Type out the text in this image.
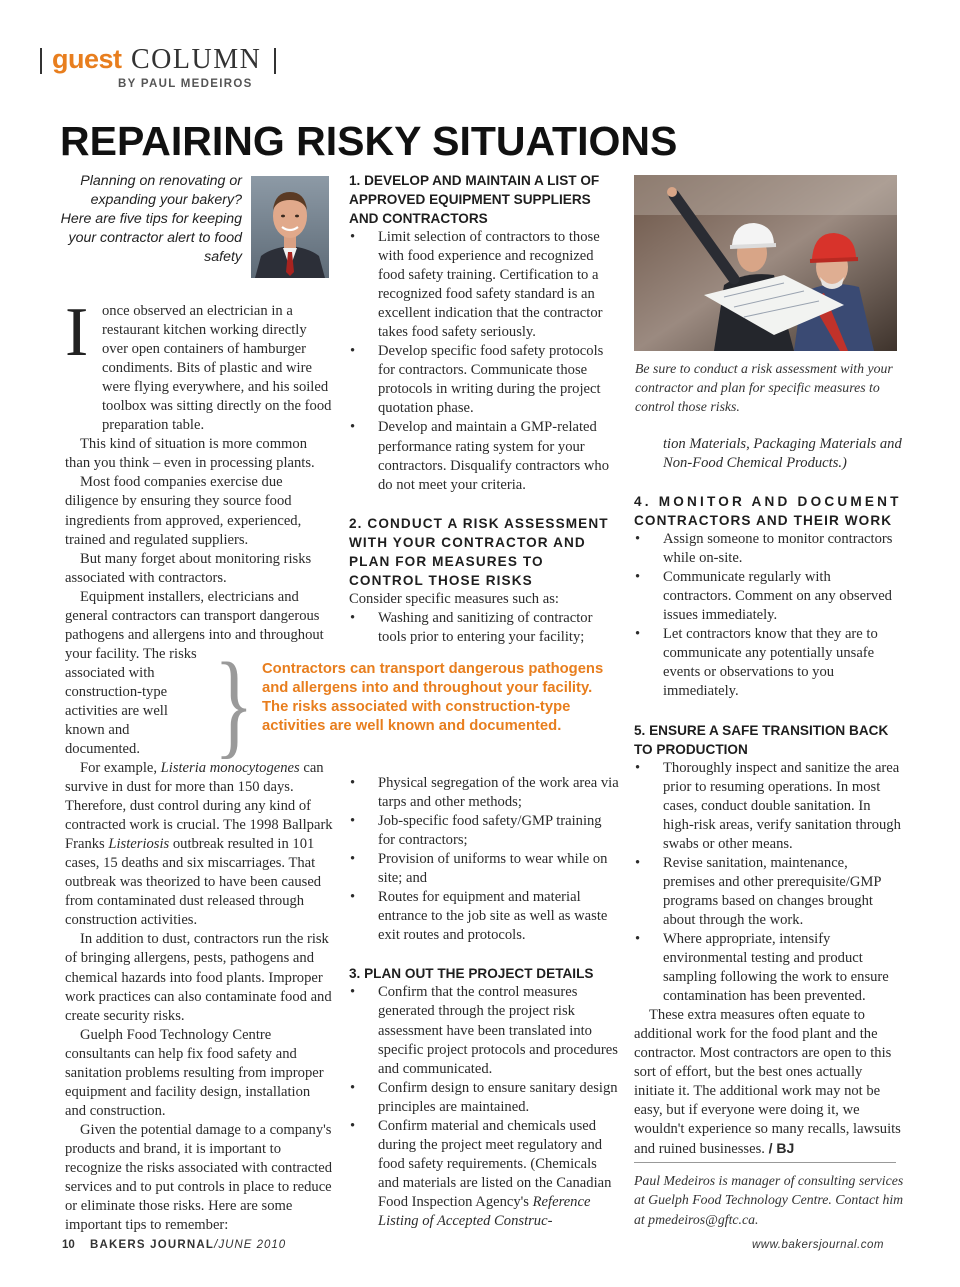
guest COLUMN
BY PAUL MEDEIROS
REPAIRING RISKY SITUATIONS
Planning on renovating or expanding your bakery? Here are five tips for keeping your contractor alert to food safety

I once observed an electrician in a restaurant kitchen working directly over open containers of hamburger condiments. Bits of plastic and wire were flying everywhere, and his soiled toolbox was sitting directly on the food preparation table.

This kind of situation is more common than you think – even in processing plants.

Most food companies exercise due diligence by ensuring they source food ingredients from approved, experienced, trained and regulated suppliers.

But many forget about monitoring risks associated with contractors.

Equipment installers, electricians and general contractors can transport dangerous pathogens and allergens into and throughout your facility. The risks

associated with construction-type activities are well known and documented.

For example, Listeria monocytogenes can survive in dust for more than 150 days. Therefore, dust control during any kind of contracted work is crucial. The 1998 Ballpark Franks Listeriosis outbreak resulted in 101 cases, 15 deaths and six miscarriages. That outbreak was theorized to have been caused from contaminated dust released through construction activities.

In addition to dust, contractors run the risk of bringing allergens, pests, pathogens and chemical hazards into food plants. Improper work practices can also contaminate food and create security risks.

Guelph Food Technology Centre consultants can help fix food safety and sanitation problems resulting from improper equipment and facility design, installation and construction.

Given the potential damage to a company's products and brand, it is important to recognize the risks associated with contracted services and to put controls in place to reduce or eliminate those risks. Here are some important tips to remember:

} Contractors can transport dangerous pathogens and allergens into and throughout your facility. The risks associated with construction-type activities are well known and documented.
1. DEVELOP AND MAINTAIN A LIST OF APPROVED EQUIPMENT SUPPLIERS AND CONTRACTORS
• Limit selection of contractors to those with food experience and recognized food safety training. Certification to a recognized food safety standard is an excellent indication that the contractor takes food safety seriously.
• Develop specific food safety protocols for contractors. Communicate those protocols in writing during the project quotation phase.
• Develop and maintain a GMP-related performance rating system for your contractors. Disqualify contractors who do not meet your criteria.
2. CONDUCT A RISK ASSESSMENT WITH YOUR CONTRACTOR AND PLAN FOR MEASURES TO CONTROL THOSE RISKS
Consider specific measures such as:
• Washing and sanitizing of contractor tools prior to entering your facility;
• Physical segregation of the work area via tarps and other methods;
• Job-specific food safety/GMP training for contractors;
• Provision of uniforms to wear while on site; and
• Routes for equipment and material entrance to the job site as well as waste exit routes and protocols.
3. PLAN OUT THE PROJECT DETAILS
• Confirm that the control measures generated through the project risk assessment have been translated into specific project protocols and procedures and communicated.
• Confirm design to ensure sanitary design principles are maintained.
• Confirm material and chemicals used during the project meet regulatory and food safety requirements. (Chemicals and materials are listed on the Canadian Food Inspection Agency's Reference Listing of Accepted Construc-
Be sure to conduct a risk assessment with your contractor and plan for specific measures to control those risks.
tion Materials, Packaging Materials and Non-Food Chemical Products.)
4. MONITOR AND DOCUMENT
CONTRACTORS AND THEIR WORK
• Assign someone to monitor contractors while on-site.
• Communicate regularly with contractors. Comment on any observed issues immediately.
• Let contractors know that they are to communicate any potentially unsafe events or observations to you immediately.
5. ENSURE A SAFE TRANSITION BACK TO PRODUCTION
• Thoroughly inspect and sanitize the area prior to resuming operations. In most cases, conduct double sanitation. In high-risk areas, verify sanitation through swabs or other means.
• Revise sanitation, maintenance, premises and other prerequisite/GMP programs based on changes brought about through the work.
• Where appropriate, intensify environmental testing and product sampling following the work to ensure contamination has been prevented.

These extra measures often equate to additional work for the food plant and the contractor. Most contractors are open to this sort of effort, but the best ones actually initiate it. The additional work may not be easy, but if everyone were doing it, we wouldn't experience so many recalls, lawsuits and ruined businesses. / BJ

Paul Medeiros is manager of consulting services at Guelph Food Technology Centre. Contact him at pmedeiros@gftc.ca.
10 BAKERS JOURNAL/JUNE 2010	www.bakersjournal.com
